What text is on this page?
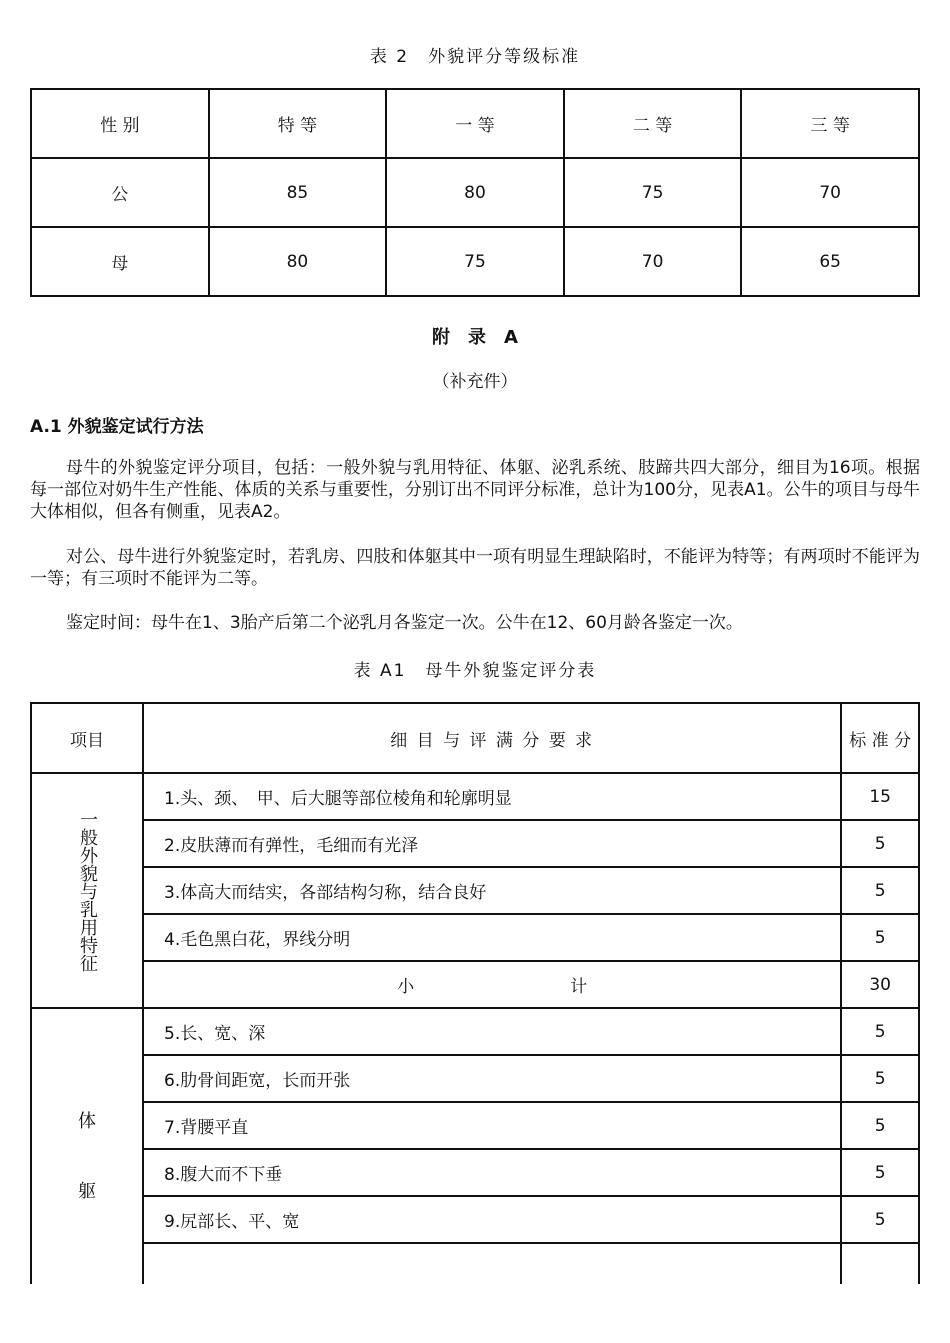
表 2　外貌评分等级标准
性 别	特 等	一 等	二 等	三 等
公	85	80	75	70
母	80	75	70	65
附　录　A
（补充件）
A.1 外貌鉴定试行方法
母牛的外貌鉴定评分项目，包括：一般外貌与乳用特征、体躯、泌乳系统、肢蹄共四大部分，细目为16项。根据每一部位对奶牛生产性能、体质的关系与重要性，分别订出不同评分标准，总计为100分，见表A1。公牛的项目与母牛大体相似，但各有侧重，见表A2。
对公、母牛进行外貌鉴定时，若乳房、四肢和体躯其中一项有明显生理缺陷时，不能评为特等；有两项时不能评为一等；有三项时不能评为二等。
鉴定时间：母牛在1、3胎产后第二个泌乳月各鉴定一次。公牛在12、60月龄各鉴定一次。
表 A1　母牛外貌鉴定评分表
项目	细 目 与 评 满 分 要 求	标 准 分

一般外貌与乳用特征	1.头、颈、　甲、后大腿等部位棱角和轮廓明显	15
	2.皮肤薄而有弹性，毛细而有光泽	5
	3.体高大而结实，各部结构匀称，结合良好	5
	4.毛色黑白花，界线分明	5
	小 计	30

体
躯	5.长、宽、深	5
	6.肋骨间距宽，长而开张	5
	7.背腰平直	5
	8.腹大而不下垂	5
	9.尻部长、平、宽	5
